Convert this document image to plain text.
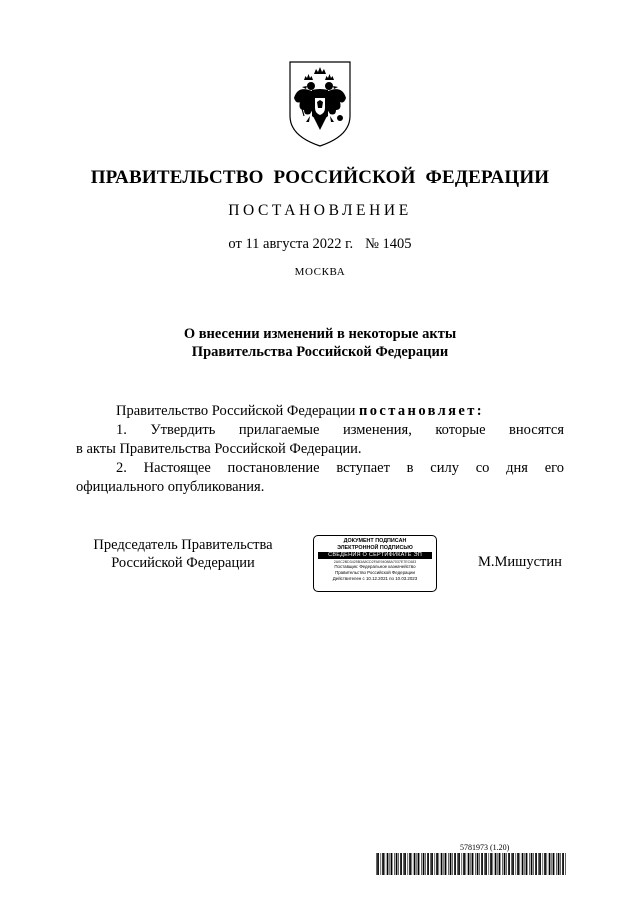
ПРАВИТЕЛЬСТВО  РОССИЙСКОЙ  ФЕДЕРАЦИИ
ПОСТАНОВЛЕНИЕ
от 11 августа 2022 г. № 1405
МОСКВА
О внесении изменений в некоторые акты
Правительства Российской Федерации
Правительство Российской Федерации постановляет:
1. Утвердить прилагаемые изменения, которые вносятся
в акты Правительства Российской Федерации.
2. Настоящее постановление вступает в силу со дня его
официального опубликования.
Председатель Правительства
Российской Федерации
ДОКУМЕНТ ПОДПИСАН
ЭЛЕКТРОННОЙ ПОДПИСЬЮ
СВЕДЕНИЯ О СЕРТИФИКАТЕ ЭП
2A0C2BD3425B3A8CD2FAE94088A7037E7EC683
Поставщик: Федеральное казначейство
Правительство Российской Федерации
Действителен с 10.12.2021 по 10.03.2023
М.Мишустин
5781973 (1.20)
